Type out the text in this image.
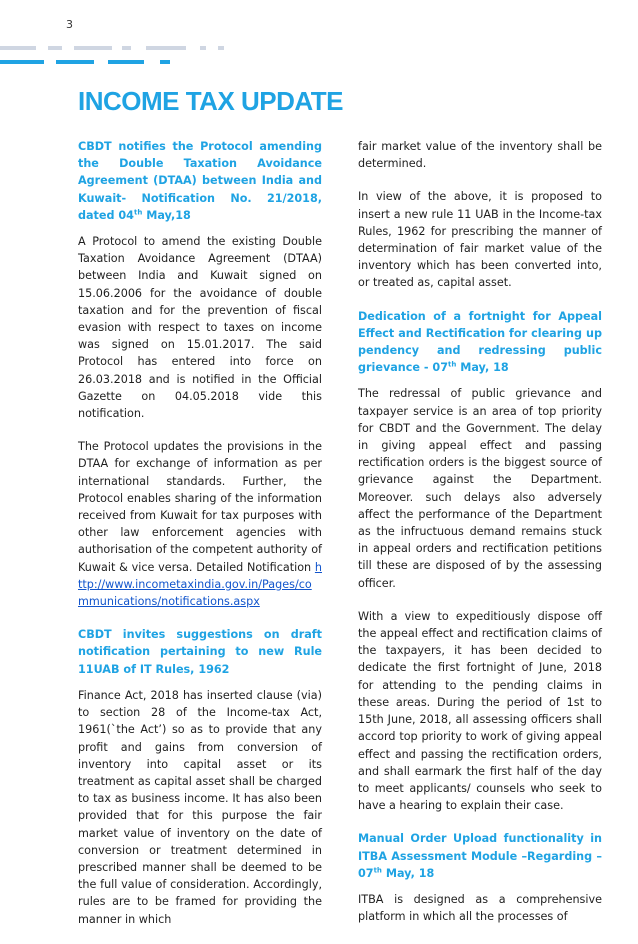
3
INCOME TAX UPDATE
CBDT notifies the Protocol amending the Double Taxation Avoidance Agreement (DTAA) between India and Kuwait- Notification No. 21/2018, dated 04th May,18

A Protocol to amend the existing Double Taxation Avoidance Agreement (DTAA) between India and Kuwait signed on 15.06.2006 for the avoidance of double taxation and for the prevention of fiscal evasion with respect to taxes on income was signed on 15.01.2017. The said Protocol has entered into force on 26.03.2018 and is notified in the Official Gazette on 04.05.2018 vide this notification.

The Protocol updates the provisions in the DTAA for exchange of information as per international standards. Further, the Protocol enables sharing of the information received from Kuwait for tax purposes with other law enforcement agencies with authorisation of the competent authority of Kuwait & vice versa. Detailed Notification http://www.incometaxindia.gov.in/Pages/communications/notifications.aspx

CBDT invites suggestions on draft notification pertaining to new Rule 11UAB of IT Rules, 1962

Finance Act, 2018 has inserted clause (via) to section 28 of the Income-tax Act, 1961(`the Act’) so as to provide that any profit and gains from conversion of inventory into capital asset or its treatment as capital asset shall be charged to tax as business income. It has also been provided that for this purpose the fair market value of inventory on the date of conversion or treatment determined in prescribed manner shall be deemed to be the full value of consideration. Accordingly, rules are to be framed for providing the manner in which

fair market value of the inventory shall be determined.

In view of the above, it is proposed to insert a new rule 11 UAB in the Income-tax Rules, 1962 for prescribing the manner of determination of fair market value of the inventory which has been converted into, or treated as, capital asset.

Dedication of a fortnight for Appeal Effect and Rectification for clearing up pendency and redressing public grievance - 07th May, 18

The redressal of public grievance and taxpayer service is an area of top priority for CBDT and the Government. The delay in giving appeal effect and passing rectification orders is the biggest source of grievance against the Department. Moreover. such delays also adversely affect the performance of the Department as the infructuous demand remains stuck in appeal orders and rectification petitions till these are disposed of by the assessing officer.

With a view to expeditiously dispose off the appeal effect and rectification claims of the taxpayers, it has been decided to dedicate the first fortnight of June, 2018 for attending to the pending claims in these areas. During the period of 1st to 15th June, 2018, all assessing officers shall accord top priority to work of giving appeal effect and passing the rectification orders, and shall earmark the first half of the day to meet applicants/ counsels who seek to have a hearing to explain their case.

Manual Order Upload functionality in ITBA Assessment Module –Regarding – 07th May, 18

ITBA is designed as a comprehensive platform in which all the processes of
